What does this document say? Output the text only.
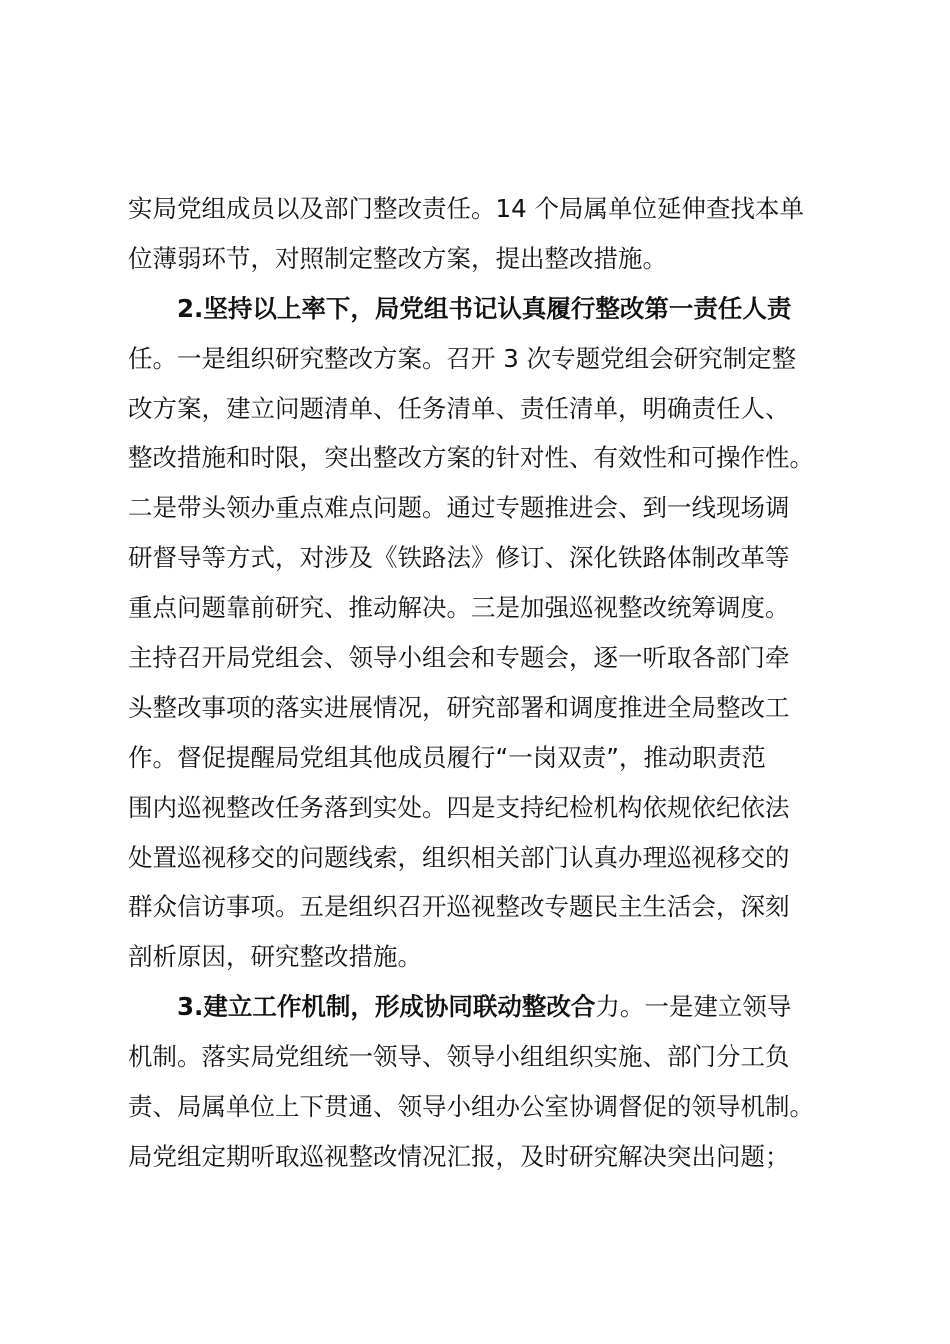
实局党组成员以及部门整改责任。14 个局属单位延伸查找本单
位薄弱环节，对照制定整改方案，提出整改措施。
2.坚持以上率下，局党组书记认真履行整改第一责任人责
任。一是组织研究整改方案。召开 3 次专题党组会研究制定整
改方案，建立问题清单、任务清单、责任清单，明确责任人、
整改措施和时限，突出整改方案的针对性、有效性和可操作性。
二是带头领办重点难点问题。通过专题推进会、到一线现场调
研督导等方式，对涉及《铁路法》修订、深化铁路体制改革等
重点问题靠前研究、推动解决。三是加强巡视整改统筹调度。
主持召开局党组会、领导小组会和专题会，逐一听取各部门牵
头整改事项的落实进展情况，研究部署和调度推进全局整改工
作。督促提醒局党组其他成员履行“一岗双责”，推动职责范
围内巡视整改任务落到实处。四是支持纪检机构依规依纪依法
处置巡视移交的问题线索，组织相关部门认真办理巡视移交的
群众信访事项。五是组织召开巡视整改专题民主生活会，深刻
剖析原因，研究整改措施。
3.建立工作机制，形成协同联动整改合力。一是建立领导
机制。落实局党组统一领导、领导小组组织实施、部门分工负
责、局属单位上下贯通、领导小组办公室协调督促的领导机制。
局党组定期听取巡视整改情况汇报，及时研究解决突出问题；
